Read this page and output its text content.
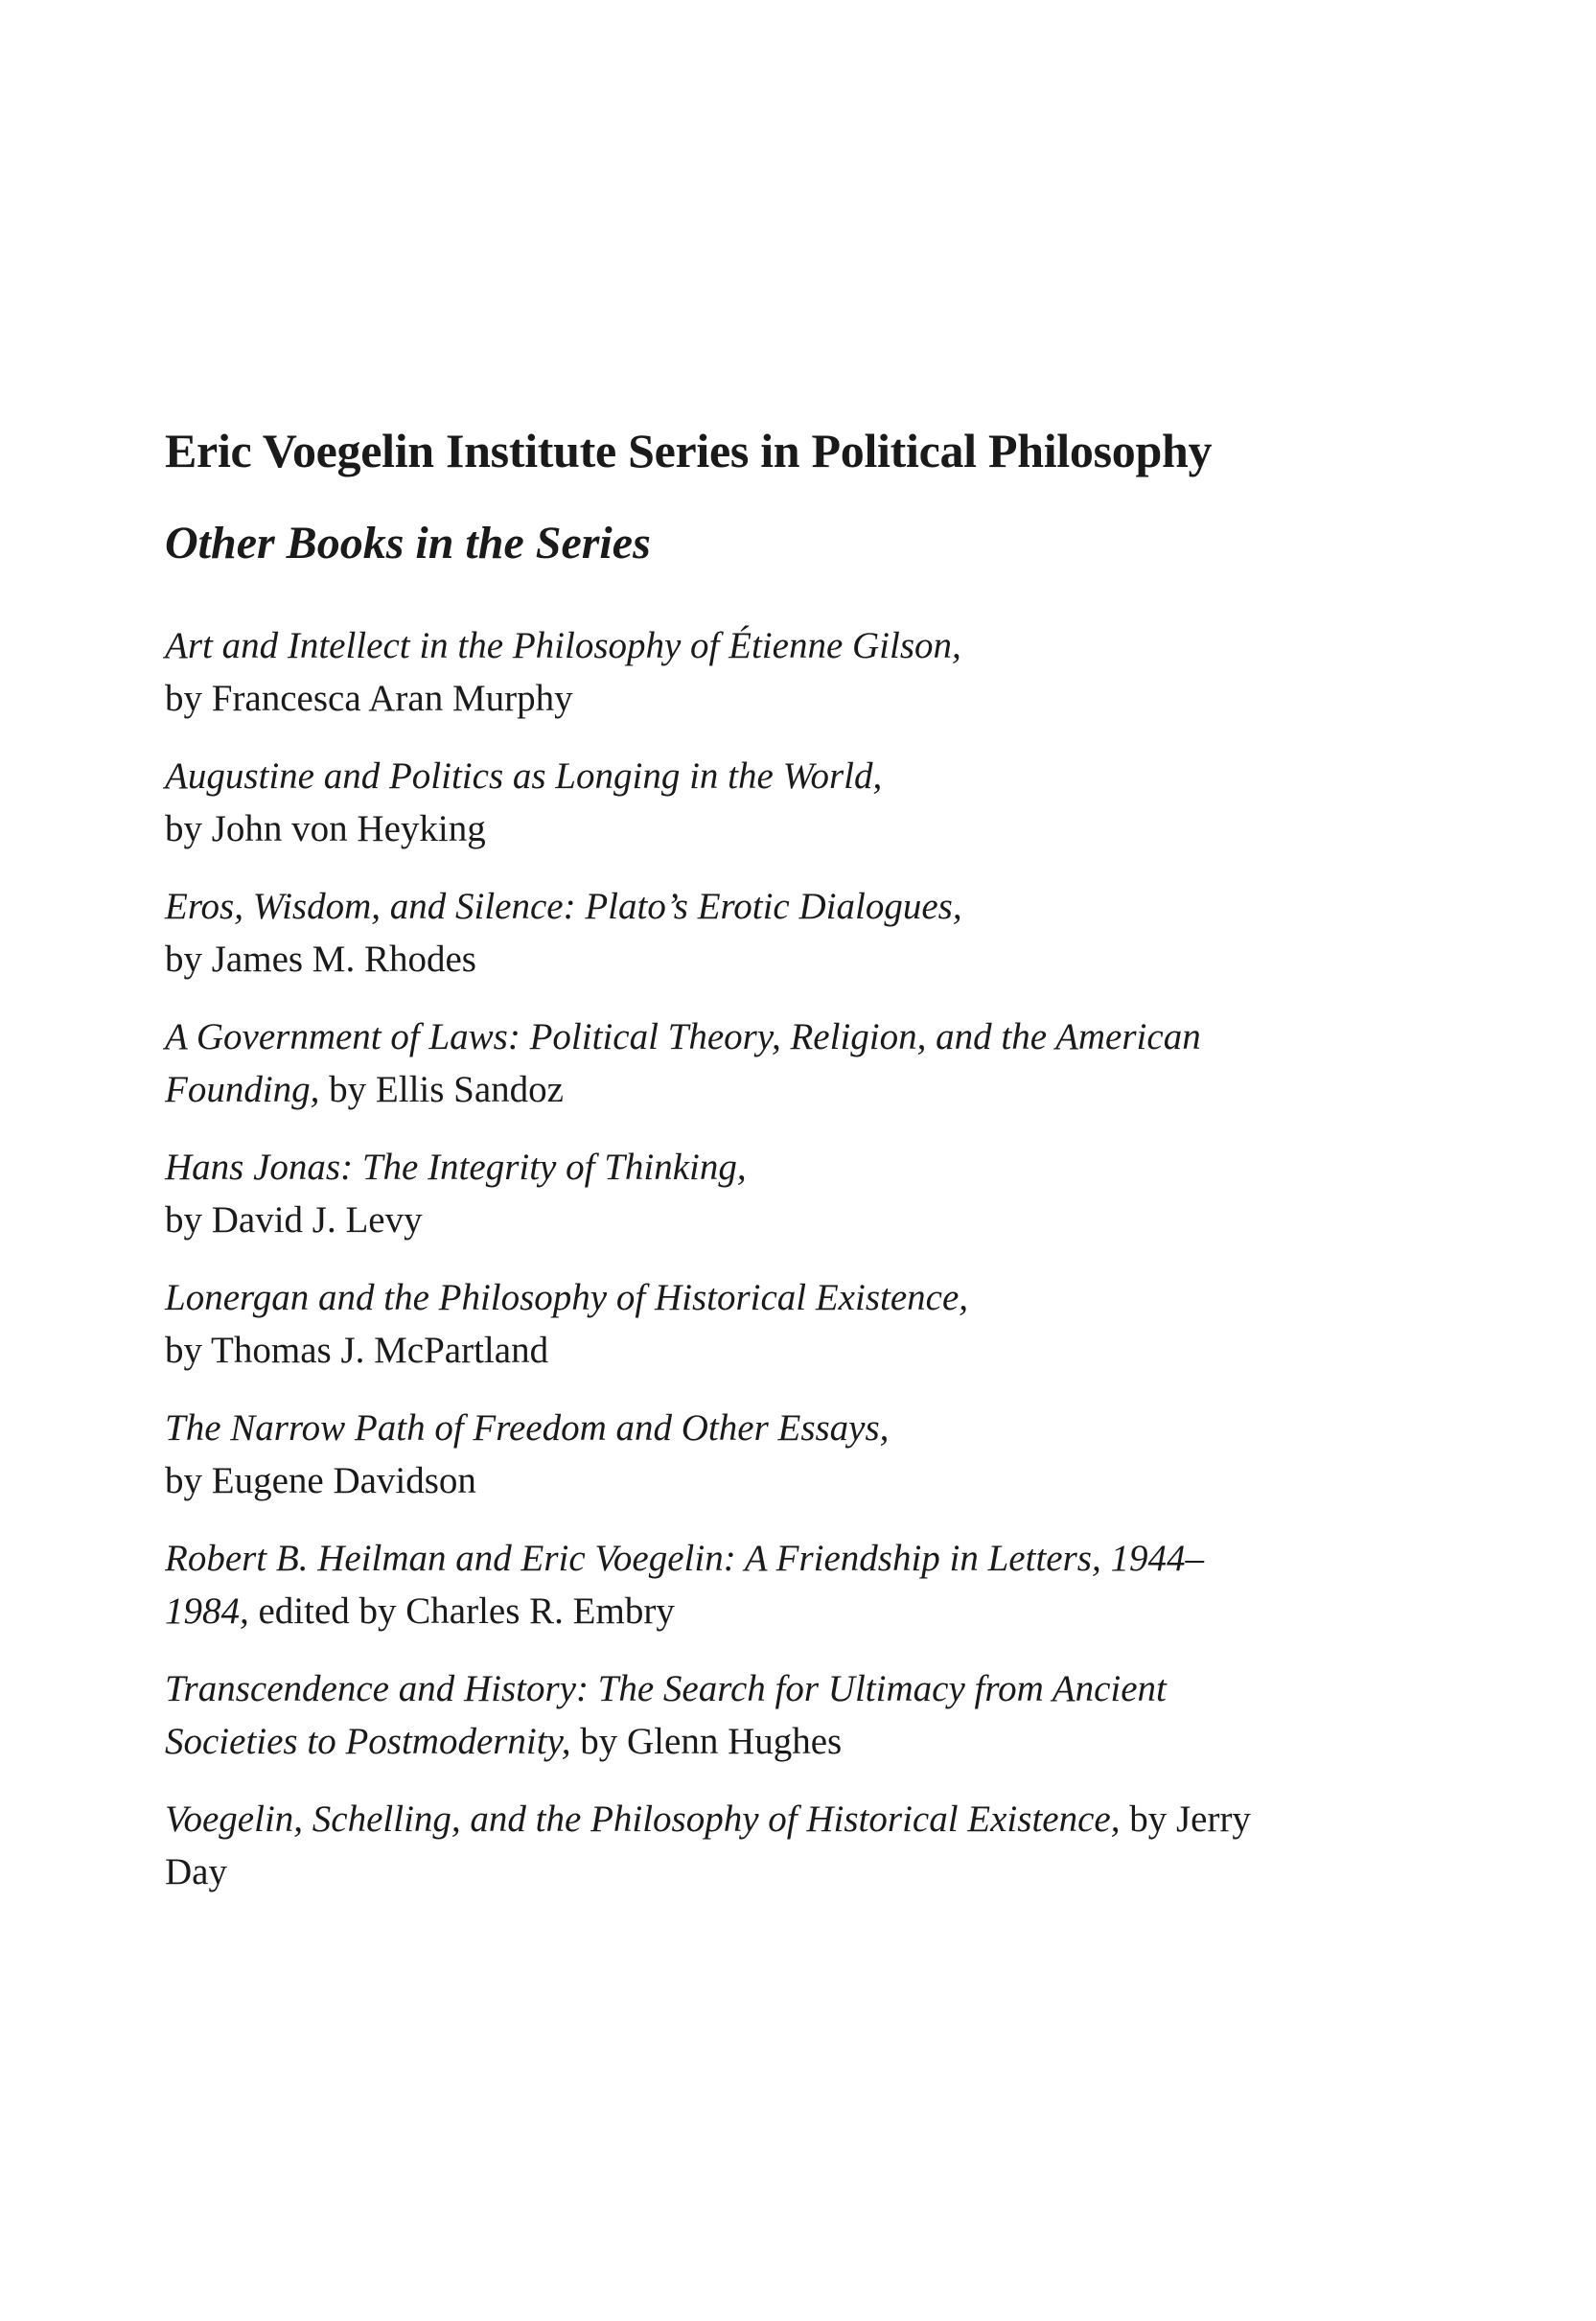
Eric Voegelin Institute Series in Political Philosophy
Other Books in the Series
Art and Intellect in the Philosophy of Étienne Gilson,
by Francesca Aran Murphy
Augustine and Politics as Longing in the World,
by John von Heyking
Eros, Wisdom, and Silence: Plato’s Erotic Dialogues,
by James M. Rhodes
A Government of Laws: Political Theory, Religion, and the American Founding, by Ellis Sandoz
Hans Jonas: The Integrity of Thinking,
by David J. Levy
Lonergan and the Philosophy of Historical Existence,
by Thomas J. McPartland
The Narrow Path of Freedom and Other Essays,
by Eugene Davidson
Robert B. Heilman and Eric Voegelin: A Friendship in Letters, 1944–1984, edited by Charles R. Embry
Transcendence and History: The Search for Ultimacy from Ancient Societies to Postmodernity, by Glenn Hughes
Voegelin, Schelling, and the Philosophy of Historical Existence, by Jerry Day
